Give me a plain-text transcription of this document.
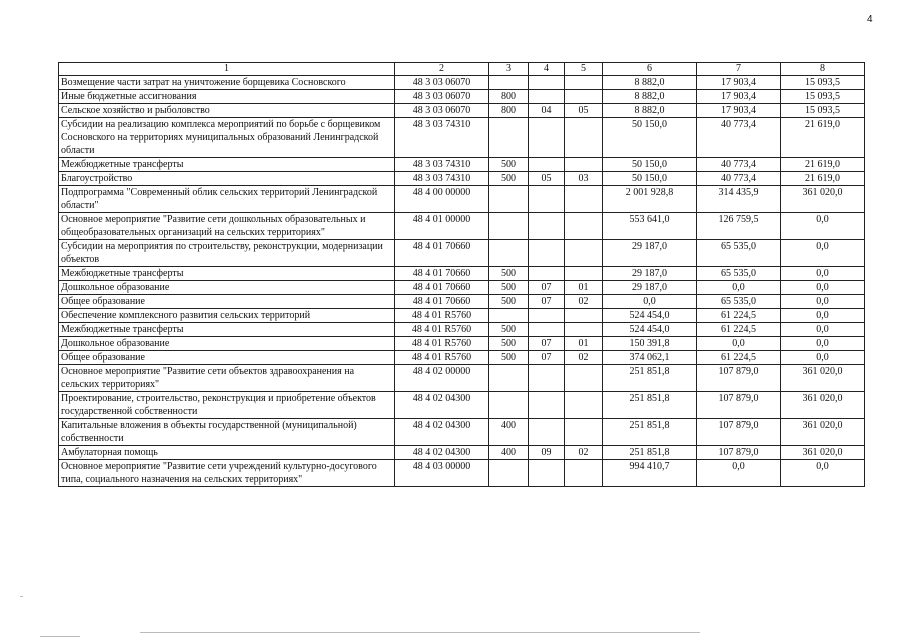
4
1	2	3	4	5	6	7	8
Возмещение части затрат на уничтожение борщевика Сосновского	48 3 03 06070				8 882,0	17 903,4	15 093,5
Иные бюджетные ассигнования	48 3 03 06070	800			8 882,0	17 903,4	15 093,5
Сельское хозяйство и рыболовство	48 3 03 06070	800	04	05	8 882,0	17 903,4	15 093,5
Субсидии на реализацию комплекса мероприятий по борьбе с борщевиком Сосновского на территориях муниципальных образований Ленинградской области	48 3 03 74310				50 150,0	40 773,4	21 619,0
Межбюджетные трансферты	48 3 03 74310	500			50 150,0	40 773,4	21 619,0
Благоустройство	48 3 03 74310	500	05	03	50 150,0	40 773,4	21 619,0
Подпрограмма "Современный облик сельских территорий Ленинградской области"	48 4 00 00000				2 001 928,8	314 435,9	361 020,0
Основное мероприятие "Развитие сети дошкольных образовательных и общеобразовательных организаций на сельских территориях"	48 4 01 00000				553 641,0	126 759,5	0,0
Субсидии на мероприятия по строительству, реконструкции, модернизации объектов	48 4 01 70660				29 187,0	65 535,0	0,0
Межбюджетные трансферты	48 4 01 70660	500			29 187,0	65 535,0	0,0
Дошкольное образование	48 4 01 70660	500	07	01	29 187,0	0,0	0,0
Общее образование	48 4 01 70660	500	07	02	0,0	65 535,0	0,0
Обеспечение комплексного развития сельских территорий	48 4 01 R5760				524 454,0	61 224,5	0,0
Межбюджетные трансферты	48 4 01 R5760	500			524 454,0	61 224,5	0,0
Дошкольное образование	48 4 01 R5760	500	07	01	150 391,8	0,0	0,0
Общее образование	48 4 01 R5760	500	07	02	374 062,1	61 224,5	0,0
Основное мероприятие "Развитие сети объектов здравоохранения на сельских территориях"	48 4 02 00000				251 851,8	107 879,0	361 020,0
Проектирование, строительство, реконструкция и приобретение объектов государственной собственности	48 4 02 04300				251 851,8	107 879,0	361 020,0
Капитальные вложения в объекты государственной (муниципальной) собственности	48 4 02 04300	400			251 851,8	107 879,0	361 020,0
Амбулаторная помощь	48 4 02 04300	400	09	02	251 851,8	107 879,0	361 020,0
Основное мероприятие "Развитие сети учреждений культурно-досугового типа, социального назначения на сельских территориях"	48 4 03 00000				994 410,7	0,0	0,0
